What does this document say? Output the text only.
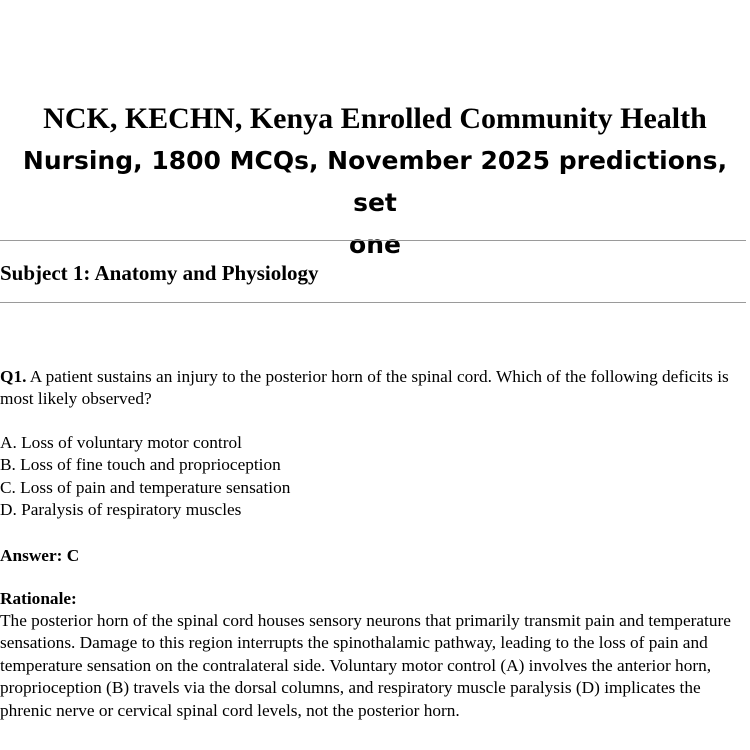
NCK, KECHN, Kenya Enrolled Community Health
Nursing, 1800 MCQs, November 2025 predictions, set
one
Subject 1: Anatomy and Physiology

Q1. A patient sustains an injury to the posterior horn of the spinal cord. Which of the following deficits is most likely observed?

A. Loss of voluntary motor control
B. Loss of fine touch and proprioception
C. Loss of pain and temperature sensation
D. Paralysis of respiratory muscles

Answer: C

Rationale:

The posterior horn of the spinal cord houses sensory neurons that primarily transmit pain and temperature sensations. Damage to this region interrupts the spinothalamic pathway, leading to the loss of pain and temperature sensation on the contralateral side. Voluntary motor control (A) involves the anterior horn, proprioception (B) travels via the dorsal columns, and respiratory muscle paralysis (D) implicates the phrenic nerve or cervical spinal cord levels, not the posterior horn.
